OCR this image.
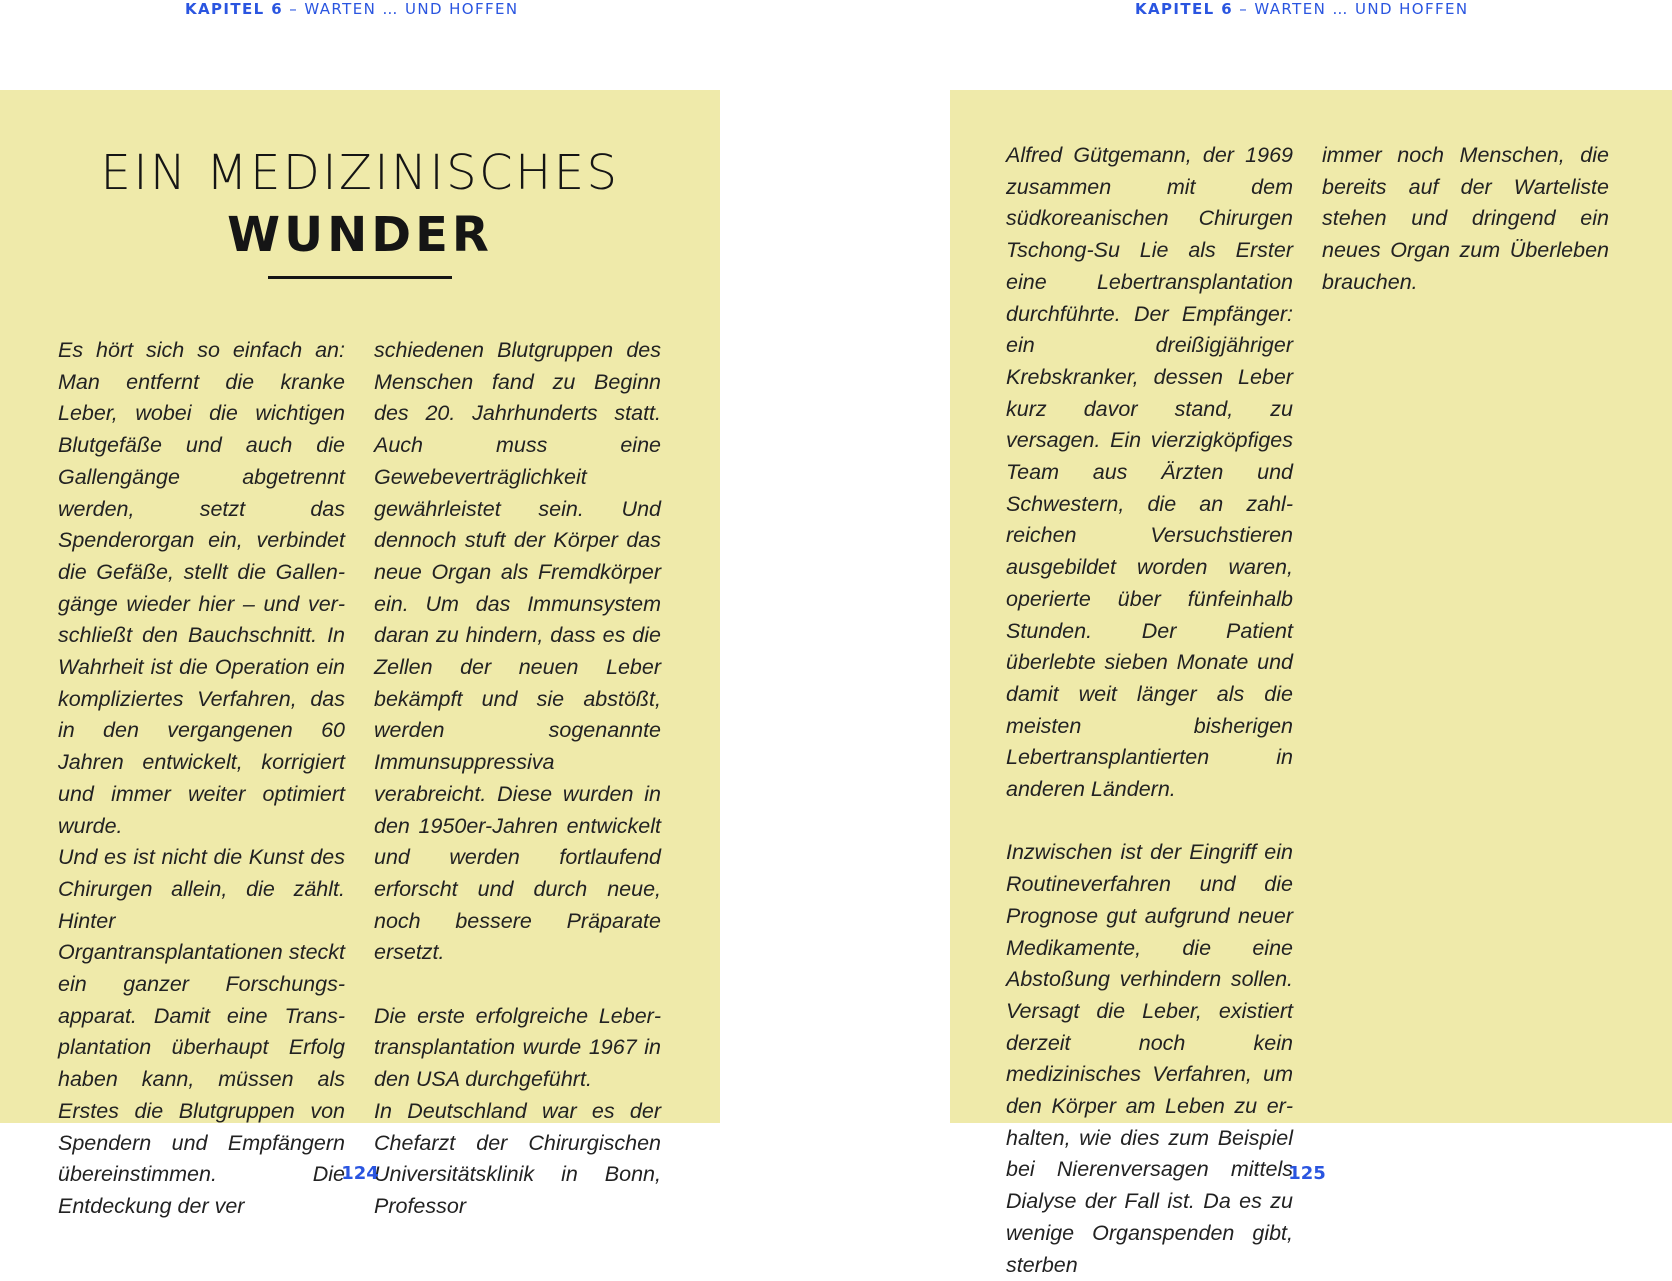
KAPITEL 6 – WARTEN … UND HOFFEN	KAPITEL 6 – WARTEN … UND HOFFEN
EIN MEDIZINISCHES
WUNDER

Es hört sich so einfach an: Man entfernt die kranke Leber, wobei die wichtigen Blutgefäße und auch die Gallengänge abgetrennt werden, setzt das Spenderorgan ein, verbindet die Gefäße, stellt die Gallengänge wieder hier – und verschließt den Bauchschnitt. In Wahrheit ist die Operation ein kompliziertes Verfahren, das in den vergangenen 60 Jahren entwickelt, korrigiert und immer weiter optimiert wurde.

Und es ist nicht die Kunst des Chirurgen allein, die zählt. Hinter Organtransplantationen steckt ein ganzer Forschungsapparat. Damit eine Transplantation überhaupt Erfolg haben kann, müssen als Erstes die Blutgruppen von Spendern und Empfängern übereinstimmen. Die Entdeckung der ver

schiedenen Blutgruppen des Menschen fand zu Beginn des 20. Jahrhunderts statt. Auch muss eine Gewebeverträglichkeit gewährleistet sein. Und dennoch stuft der Körper das neue Organ als Fremdkörper ein. Um das Immunsystem daran zu hindern, dass es die Zellen der neuen Leber bekämpft und sie abstößt, werden sogenannte Immunsuppressiva verabreicht. Diese wurden in den 1950er-Jahren entwickelt und werden fortlaufend erforscht und durch neue, noch bessere Präparate ersetzt.

Die erste erfolgreiche Lebertransplantation wurde 1967 in den USA durchgeführt.

In Deutschland war es der Chefarzt der Chirurgischen Universitätsklinik in Bonn, Professor

Alfred Gütgemann, der 1969 zusammen mit dem südkoreanischen Chirurgen Tschong-Su Lie als Erster eine Lebertransplantation durchführte. Der Empfänger: ein dreißigjähriger Krebskranker, dessen Leber kurz davor stand, zu versagen. Ein vierzigköpfiges Team aus Ärzten und Schwestern, die an zahlreichen Versuchstieren ausgebildet worden waren, operierte über fünfeinhalb Stunden. Der Patient überlebte sieben Monate und damit weit länger als die meisten bisherigen Lebertransplantierten in anderen Ländern.

Inzwischen ist der Eingriff ein Routineverfahren und die Prognose gut aufgrund neuer Medikamente, die eine Abstoßung verhindern sollen. Versagt die Leber, existiert derzeit noch kein medizinisches Verfahren, um den Körper am Leben zu erhalten, wie dies zum Beispiel bei Nierenversagen mittels Dialyse der Fall ist. Da es zu wenige Organspenden gibt, sterben

immer noch Menschen, die bereits auf der Warteliste stehen und dringend ein neues Organ zum Überleben brauchen.

124	125
